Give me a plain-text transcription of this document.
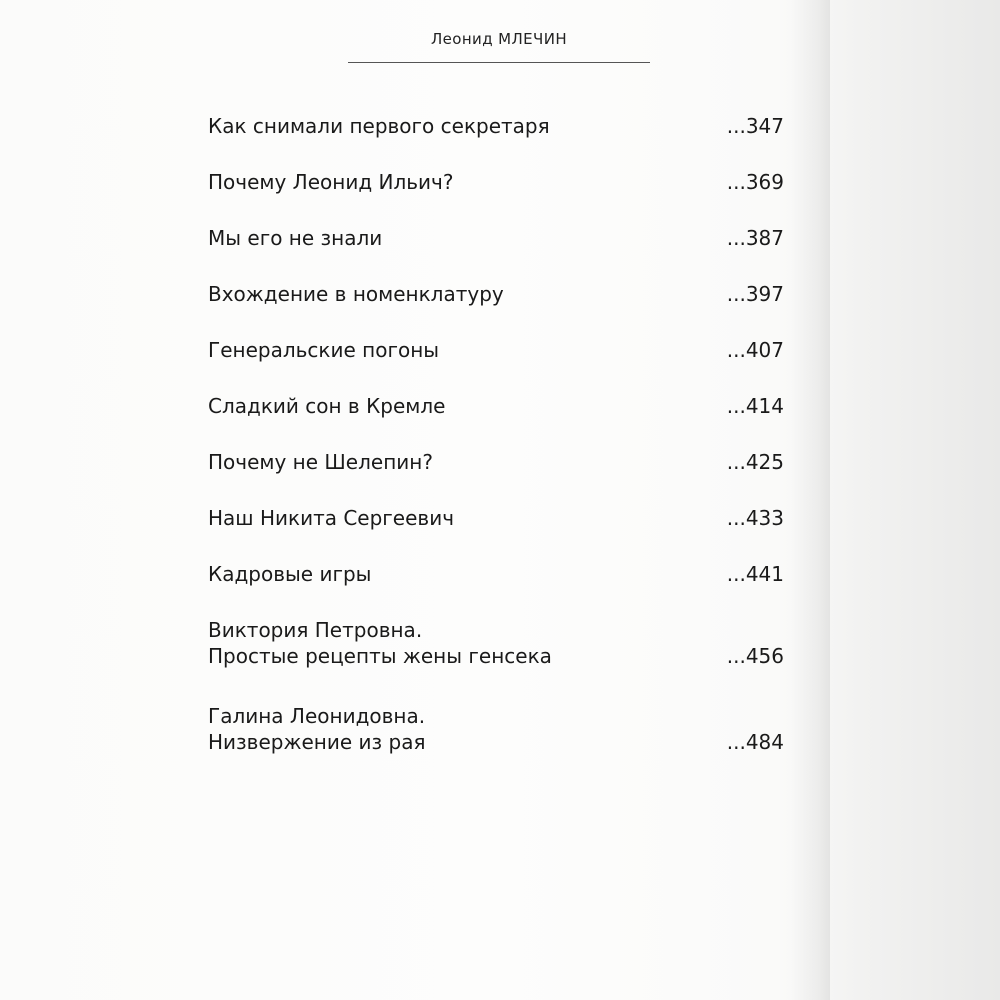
Леонид МЛЕЧИН
Как снимали первого секретаря	...347
Почему Леонид Ильич?	...369
Мы его не знали	...387
Вхождение в номенклатуру	...397
Генеральские погоны	...407
Сладкий сон в Кремле	...414
Почему не Шелепин?	...425
Наш Никита Сергеевич	...433
Кадровые игры	...441
Виктория Петровна.
Простые рецепты жены генсека	...456
Галина Леонидовна.
Низвержение из рая	...484
